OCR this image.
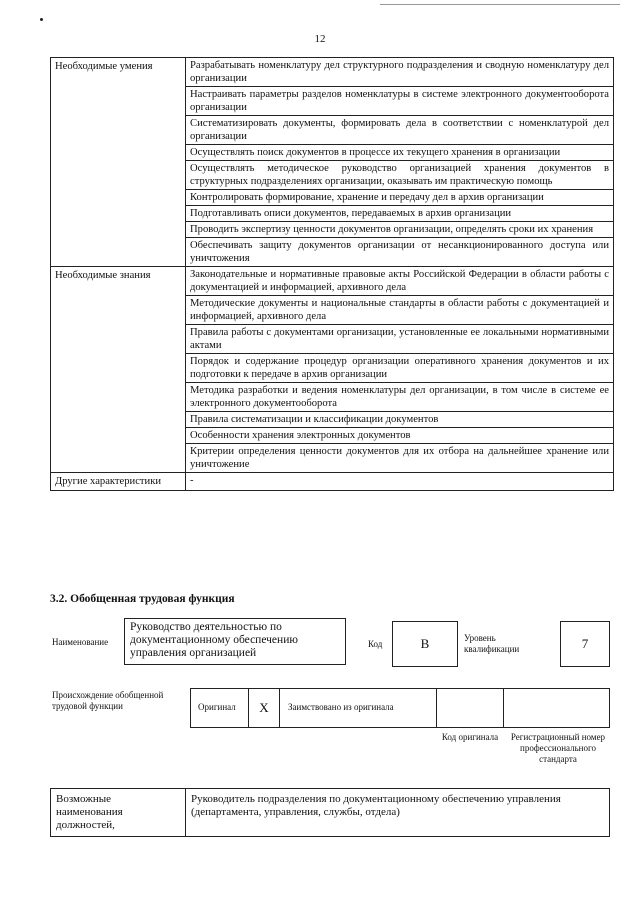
12
Необходимые умения	Разрабатывать номенклатуру дел структурного подразделения и сводную номенклатуру дел организации
	Настраивать параметры разделов номенклатуры в системе электронного документооборота организации
	Систематизировать документы, формировать дела в соответствии с номенклатурой дел организации
	Осуществлять поиск документов в процессе их текущего хранения в организации
	Осуществлять методическое руководство организацией хранения документов в структурных подразделениях организации, оказывать им практическую помощь
	Контролировать формирование, хранение и передачу дел в архив организации
	Подготавливать описи документов, передаваемых в архив организации
	Проводить экспертизу ценности документов организации, определять сроки их хранения
	Обеспечивать защиту документов организации от несанкционированного доступа или уничтожения
Необходимые знания	Законодательные и нормативные правовые акты Российской Федерации в области работы с документацией и информацией, архивного дела
	Методические документы и национальные стандарты в области работы с документацией и информацией, архивного дела
	Правила работы с документами организации, установленные ее локальными нормативными актами
	Порядок и содержание процедур организации оперативного хранения документов и их подготовки к передаче в архив организации
	Методика разработки и ведения номенклатуры дел организации, в том числе в системе ее электронного документооборота
	Правила систематизации и классификации документов
	Особенности хранения электронных документов
	Критерии определения ценности документов для их отбора на дальнейшее хранение или уничтожение
Другие характеристики	-
3.2. Обобщенная трудовая функция
Наименование
Руководство деятельностью по документационному обеспечению управления организацией
Код	B	Уровень квалификации	7
Происхождение обобщенной трудовой функции	Оригинал	X	Заимствовано из оригинала
Код оригинала	Регистрационный номер профессионального стандарта
Возможные наименования должностей,	Руководитель подразделения по документационному обеспечению управления (департамента, управления, службы, отдела)
